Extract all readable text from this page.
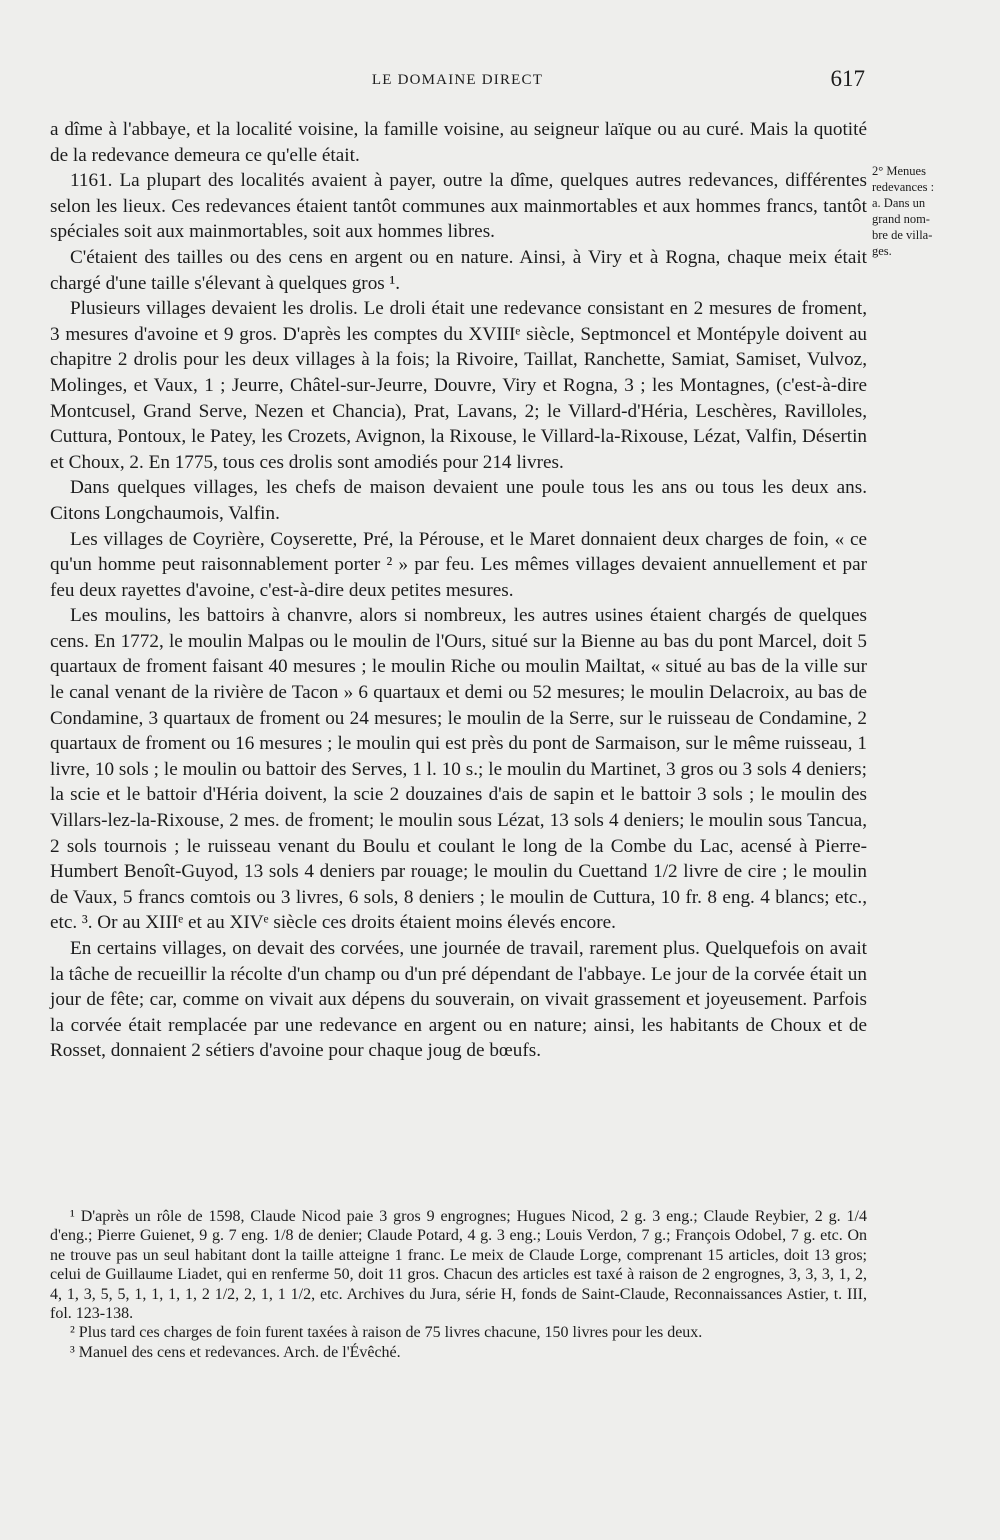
LE DOMAINE DIRECT	617
2° Menues
redevances :
a. Dans un
grand nom-
bre de villa-
ges.

a dîme à l'abbaye, et la localité voisine, la famille voisine, au seigneur laïque ou au curé. Mais la quotité de la redevance demeura ce qu'elle était.

1161. La plupart des localités avaient à payer, outre la dîme, quelques autres redevances, différentes selon les lieux. Ces redevances étaient tantôt communes aux mainmortables et aux hommes francs, tantôt spéciales soit aux mainmortables, soit aux hommes libres.

C'étaient des tailles ou des cens en argent ou en nature. Ainsi, à Viry et à Rogna, chaque meix était chargé d'une taille s'élevant à quelques gros ¹.

Plusieurs villages devaient les drolis. Le droli était une redevance consistant en 2 mesures de froment, 3 mesures d'avoine et 9 gros. D'après les comptes du XVIIIᵉ siècle, Septmoncel et Montépyle doivent au chapitre 2 drolis pour les deux villages à la fois; la Rivoire, Taillat, Ranchette, Samiat, Samiset, Vulvoz, Molinges, et Vaux, 1 ; Jeurre, Châtel-sur-Jeurre, Douvre, Viry et Rogna, 3 ; les Montagnes, (c'est-à-dire Montcusel, Grand Serve, Nezen et Chancia), Prat, Lavans, 2; le Villard-d'Héria, Leschères, Ravilloles, Cuttura, Pontoux, le Patey, les Crozets, Avignon, la Rixouse, le Villard-la-Rixouse, Lézat, Valfin, Désertin et Choux, 2. En 1775, tous ces drolis sont amodiés pour 214 livres.

Dans quelques villages, les chefs de maison devaient une poule tous les ans ou tous les deux ans. Citons Longchaumois, Valfin.

Les villages de Coyrière, Coyserette, Pré, la Pérouse, et le Maret donnaient deux charges de foin, « ce qu'un homme peut raisonnablement porter ² » par feu. Les mêmes villages devaient annuellement et par feu deux rayettes d'avoine, c'est-à-dire deux petites mesures.

Les moulins, les battoirs à chanvre, alors si nombreux, les autres usines étaient chargés de quelques cens. En 1772, le moulin Malpas ou le moulin de l'Ours, situé sur la Bienne au bas du pont Marcel, doit 5 quartaux de froment faisant 40 mesures ; le moulin Riche ou moulin Mailtat, « situé au bas de la ville sur le canal venant de la rivière de Tacon » 6 quartaux et demi ou 52 mesures; le moulin Delacroix, au bas de Condamine, 3 quartaux de froment ou 24 mesures; le moulin de la Serre, sur le ruisseau de Condamine, 2 quartaux de froment ou 16 mesures ; le moulin qui est près du pont de Sarmaison, sur le même ruisseau, 1 livre, 10 sols ; le moulin ou battoir des Serves, 1 l. 10 s.; le moulin du Martinet, 3 gros ou 3 sols 4 deniers; la scie et le battoir d'Héria doivent, la scie 2 douzaines d'ais de sapin et le battoir 3 sols ; le moulin des Villars-lez-la-Rixouse, 2 mes. de froment; le moulin sous Lézat, 13 sols 4 deniers; le moulin sous Tancua, 2 sols tournois ; le ruisseau venant du Boulu et coulant le long de la Combe du Lac, acensé à Pierre-Humbert Benoît-Guyod, 13 sols 4 deniers par rouage; le moulin du Cuettand 1/2 livre de cire ; le moulin de Vaux, 5 francs comtois ou 3 livres, 6 sols, 8 deniers ; le moulin de Cuttura, 10 fr. 8 eng. 4 blancs; etc., etc. ³. Or au XIIIᵉ et au XIVᵉ siècle ces droits étaient moins élevés encore.

En certains villages, on devait des corvées, une journée de travail, rarement plus. Quelquefois on avait la tâche de recueillir la récolte d'un champ ou d'un pré dépendant de l'abbaye. Le jour de la corvée était un jour de fête; car, comme on vivait aux dépens du souverain, on vivait grassement et joyeusement. Parfois la corvée était remplacée par une redevance en argent ou en nature; ainsi, les habitants de Choux et de Rosset, donnaient 2 sétiers d'avoine pour chaque joug de bœufs.

¹ D'après un rôle de 1598, Claude Nicod paie 3 gros 9 engrognes; Hugues Nicod, 2 g. 3 eng.; Claude Reybier, 2 g. 1/4 d'eng.; Pierre Guienet, 9 g. 7 eng. 1/8 de denier; Claude Potard, 4 g. 3 eng.; Louis Verdon, 7 g.; François Odobel, 7 g. etc. On ne trouve pas un seul habitant dont la taille atteigne 1 franc. Le meix de Claude Lorge, comprenant 15 articles, doit 13 gros; celui de Guillaume Liadet, qui en renferme 50, doit 11 gros. Chacun des articles est taxé à raison de 2 engrognes, 3, 3, 3, 1, 2, 4, 1, 3, 5, 5, 1, 1, 1, 1, 2 1/2, 2, 1, 1 1/2, etc. Archives du Jura, série H, fonds de Saint-Claude, Reconnaissances Astier, t. III, fol. 123-138.

² Plus tard ces charges de foin furent taxées à raison de 75 livres chacune, 150 livres pour les deux.

³ Manuel des cens et redevances. Arch. de l'Évêché.
